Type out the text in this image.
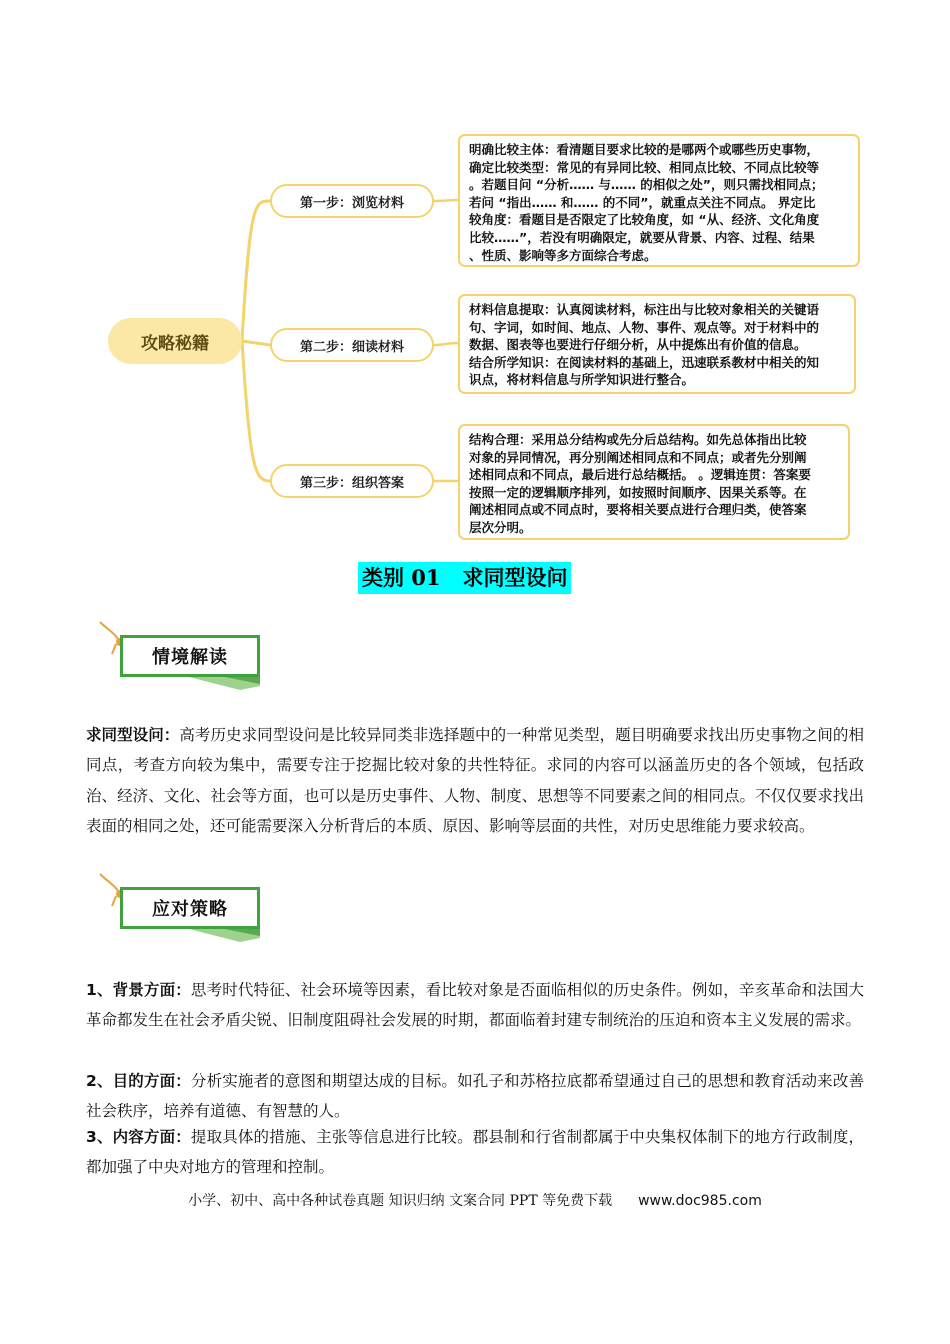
攻略秘籍
第一步：浏览材料
第二步：细读材料
第三步：组织答案

明确比较主体：看清题目要求比较的是哪两个或哪些历史事物，

确定比较类型：常见的有异同比较、相同点比较、不同点比较等

。若题目问 “分析…… 与…… 的相似之处”，则只需找相同点；

若问 “指出…… 和…… 的不同”，就重点关注不同点。 界定比

较角度：看题目是否限定了比较角度，如 “从、经济、文化角度

比较……”，若没有明确限定，就要从背景、内容、过程、结果

、性质、影响等多方面综合考虑。

材料信息提取：认真阅读材料，标注出与比较对象相关的关键语

句、字词，如时间、地点、人物、事件、观点等。对于材料中的

数据、图表等也要进行仔细分析，从中提炼出有价值的信息。

结合所学知识：在阅读材料的基础上，迅速联系教材中相关的知

识点，将材料信息与所学知识进行整合。

结构合理：采用总分结构或先分后总结构。如先总体指出比较

对象的异同情况，再分别阐述相同点和不同点；或者先分别阐

述相同点和不同点，最后进行总结概括。 。逻辑连贯：答案要

按照一定的逻辑顺序排列，如按照时间顺序、因果关系等。在

阐述相同点或不同点时，要将相关要点进行合理归类，使答案

层次分明。

类别 01   求同型设问
情境解读
求同型设问：高考历史求同型设问是比较异同类非选择题中的一种常见类型，题目明确要求找出历史事物之间的相同点，考查方向较为集中，需要专注于挖掘比较对象的共性特征。求同的内容可以涵盖历史的各个领域，包括政治、经济、文化、社会等方面，也可以是历史事件、人物、制度、思想等不同要素之间的相同点。不仅仅要求找出表面的相同之处，还可能需要深入分析背后的本质、原因、影响等层面的共性，对历史思维能力要求较高。
应对策略
1、背景方面：思考时代特征、社会环境等因素，看比较对象是否面临相似的历史条件。例如，辛亥革命和法国大革命都发生在社会矛盾尖锐、旧制度阻碍社会发展的时期，都面临着封建专制统治的压迫和资本主义发展的需求。
2、目的方面：分析实施者的意图和期望达成的目标。如孔子和苏格拉底都希望通过自己的思想和教育活动来改善社会秩序，培养有道德、有智慧的人。
3、内容方面：提取具体的措施、主张等信息进行比较。郡县制和行省制都属于中央集权体制下的地方行政制度，都加强了中央对地方的管理和控制。
小学、初中、高中各种试卷真题 知识归纳 文案合同 PPT 等免费下载 www.doc985.com
